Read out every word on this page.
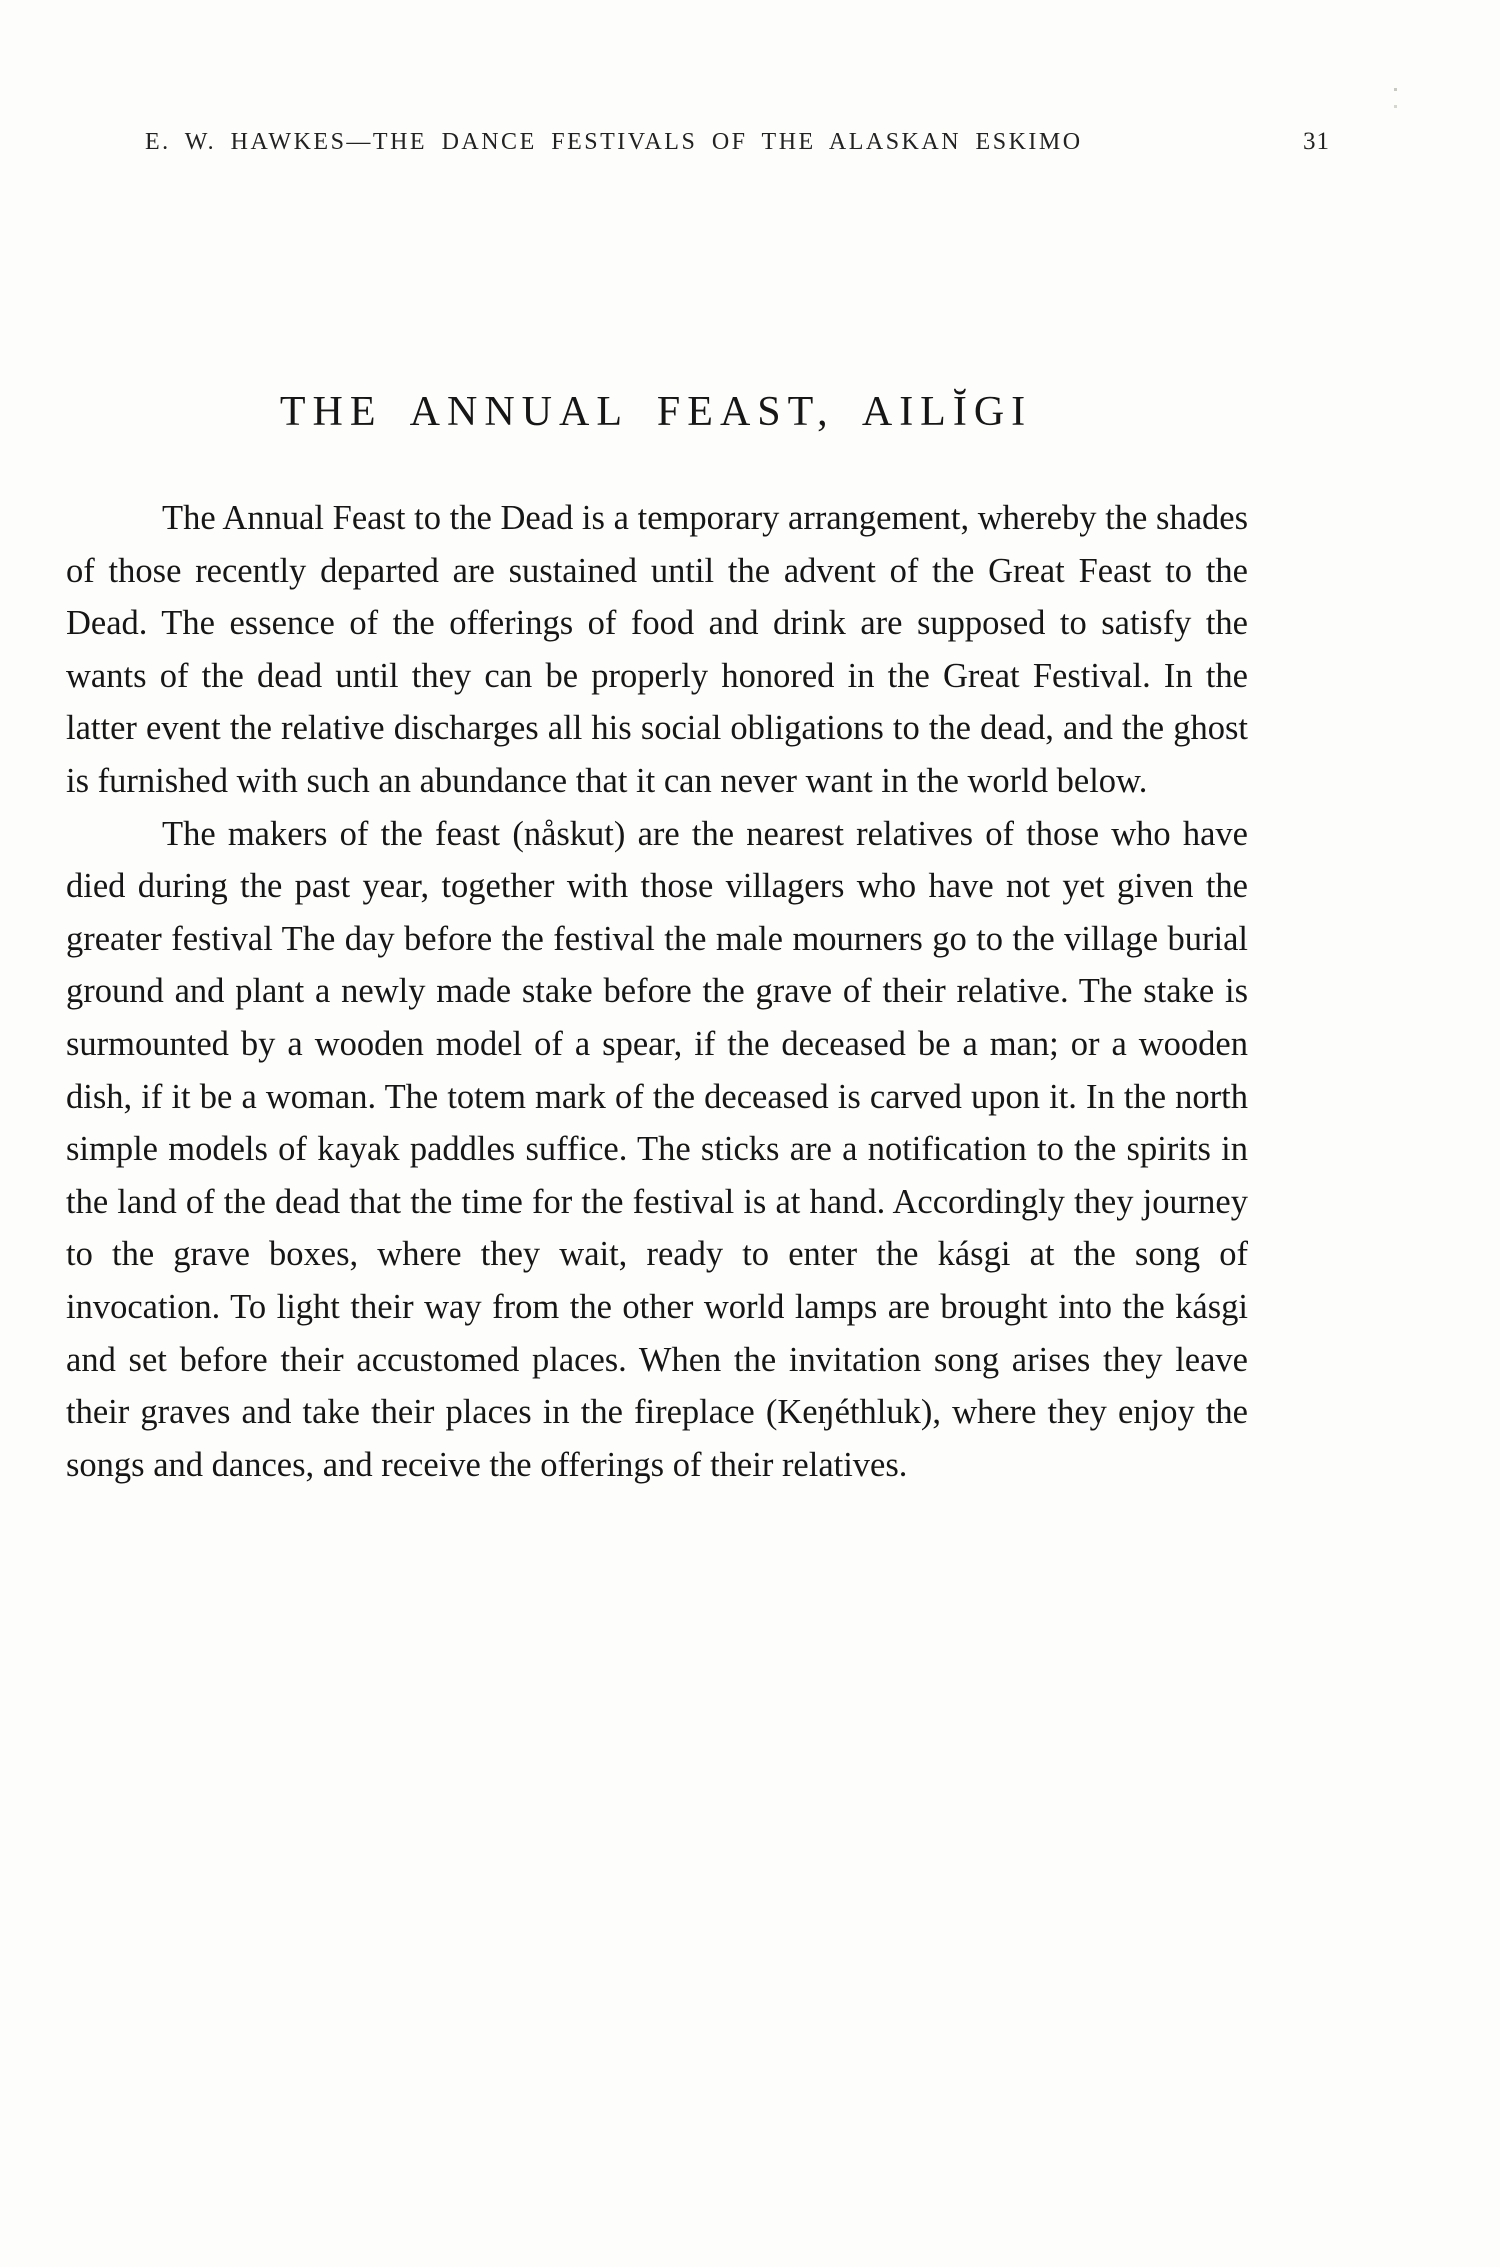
E. W. HAWKES—THE DANCE FESTIVALS OF THE ALASKAN ESKIMO	31
THE ANNUAL FEAST, AILĬGI

The Annual Feast to the Dead is a temporary arrangement, whereby the shades of those recently departed are sustained until the advent of the Great Feast to the Dead. The essence of the offerings of food and drink are supposed to satisfy the wants of the dead until they can be properly honored in the Great Festival. In the latter event the relative discharges all his social obligations to the dead, and the ghost is furnished with such an abundance that it can never want in the world below.

The makers of the feast (nåskut) are the nearest relatives of those who have died during the past year, together with those villagers who have not yet given the greater festival The day before the festival the male mourners go to the village burial ground and plant a newly made stake before the grave of their relative. The stake is surmounted by a wooden model of a spear, if the deceased be a man; or a wooden dish, if it be a woman. The totem mark of the deceased is carved upon it. In the north simple models of kayak paddles suffice. The sticks are a notification to the spirits in the land of the dead that the time for the festival is at hand. Accordingly they journey to the grave boxes, where they wait, ready to enter the kásgi at the song of invocation. To light their way from the other world lamps are brought into the kásgi and set before their accustomed places. When the invitation song arises they leave their graves and take their places in the fireplace (Keŋéthluk), where they enjoy the songs and dances, and receive the offerings of their relatives.
